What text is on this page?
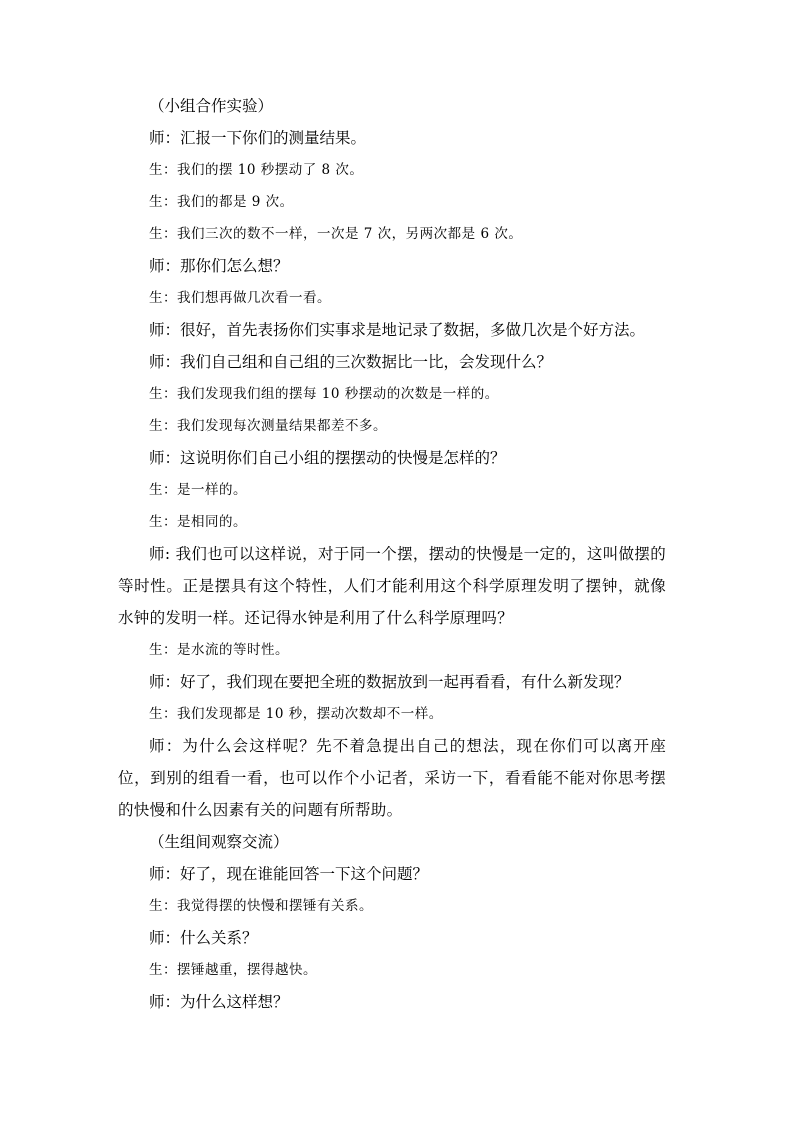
（小组合作实验）
师：汇报一下你们的测量结果。
生：我们的摆 10 秒摆动了 8 次。
生：我们的都是 9 次。
生：我们三次的数不一样，一次是 7 次，另两次都是 6 次。
师：那你们怎么想？
生：我们想再做几次看一看。
师：很好，首先表扬你们实事求是地记录了数据，多做几次是个好方法。
师：我们自己组和自己组的三次数据比一比，会发现什么？
生：我们发现我们组的摆每 10 秒摆动的次数是一样的。
生：我们发现每次测量结果都差不多。
师：这说明你们自己小组的摆摆动的快慢是怎样的？
生：是一样的。
生：是相同的。
师: 我们也可以这样说，对于同一个摆，摆动的快慢是一定的，这叫做摆的等时性。正是摆具有这个特性，人们才能利用这个科学原理发明了摆钟，就像水钟的发明一样。还记得水钟是利用了什么科学原理吗？
生：是水流的等时性。
师：好了，我们现在要把全班的数据放到一起再看看，有什么新发现？
生：我们发现都是 10 秒，摆动次数却不一样。
师：为什么会这样呢？先不着急提出自己的想法，现在你们可以离开座位，到别的组看一看，也可以作个小记者，采访一下，看看能不能对你思考摆的快慢和什么因素有关的问题有所帮助。
（生组间观察交流）
师：好了，现在谁能回答一下这个问题？
生：我觉得摆的快慢和摆锤有关系。
师：什么关系？
生：摆锤越重，摆得越快。
师：为什么这样想？
